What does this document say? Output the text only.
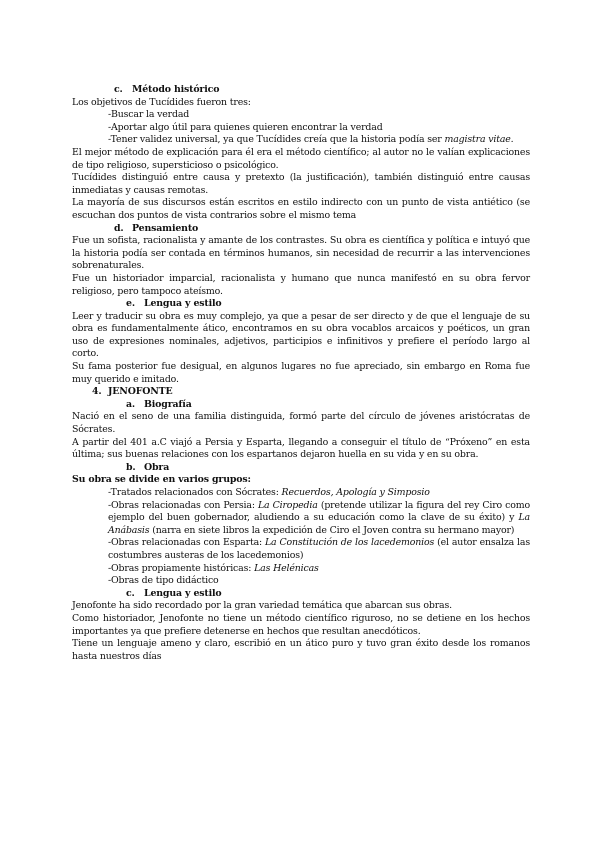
c. Método histórico

Los objetivos de Tucídides fueron tres:

-Buscar la verdad

-Aportar algo útil para quienes quieren encontrar la verdad

-Tener validez universal, ya que Tucídides creía que la historia podía ser magistra vitae.

El mejor método de explicación para él era el método científico; al autor no le valían explicaciones de tipo religioso, supersticioso o psicológico.

Tucídides distinguió entre causa y pretexto (la justificación), también distinguió entre causas inmediatas y causas remotas.

La mayoría de sus discursos están escritos en estilo indirecto con un punto de vista antiético (se escuchan dos puntos de vista contrarios sobre el mismo tema

d. Pensamiento

Fue un sofista, racionalista y amante de los contrastes. Su obra es científica y política e intuyó que la historia podía ser contada en términos humanos, sin necesidad de recurrir a las intervenciones sobrenaturales.

Fue un historiador imparcial, racionalista y humano que nunca manifestó en su obra fervor religioso, pero tampoco ateísmo.

e. Lengua y estilo

Leer y traducir su obra es muy complejo, ya que a pesar de ser directo y de que el lenguaje de su obra es fundamentalmente ático, encontramos en su obra vocablos arcaicos y poéticos, un gran uso de expresiones nominales, adjetivos, participios e infinitivos y prefiere el período largo al corto.

Su fama posterior fue desigual, en algunos lugares no fue apreciado, sin embargo en Roma fue muy querido e imitado.

4. JENOFONTE
a. Biografía

Nació en el seno de una familia distinguida, formó parte del círculo de jóvenes aristócratas de Sócrates.

A partir del 401 a.C viajó a Persia y Esparta, llegando a conseguir el título de “Próxeno” en esta última; sus buenas relaciones con los espartanos dejaron huella en su vida y en su obra.

b. Obra

Su obra se divide en varios grupos:

-Tratados relacionados con Sócrates: Recuerdos, Apología y Simposio

-Obras relacionadas con Persia: La Ciropedia (pretende utilizar la figura del rey Ciro como ejemplo del buen gobernador, aludiendo a su educación como la clave de su éxito) y La Anábasis (narra en siete libros la expedición de Ciro el Joven contra su hermano mayor)

-Obras relacionadas con Esparta: La Constitución de los lacedemonios (el autor ensalza las costumbres austeras de los lacedemonios)

-Obras propiamente históricas: Las Helénicas

-Obras de tipo didáctico

c. Lengua y estilo

Jenofonte ha sido recordado por la gran variedad temática que abarcan sus obras.

Como historiador, Jenofonte no tiene un método científico riguroso, no se detiene en los hechos importantes ya que prefiere detenerse en hechos que resultan anecdóticos.

Tiene un lenguaje ameno y claro, escribió en un ático puro y tuvo gran éxito desde los romanos hasta nuestros días
